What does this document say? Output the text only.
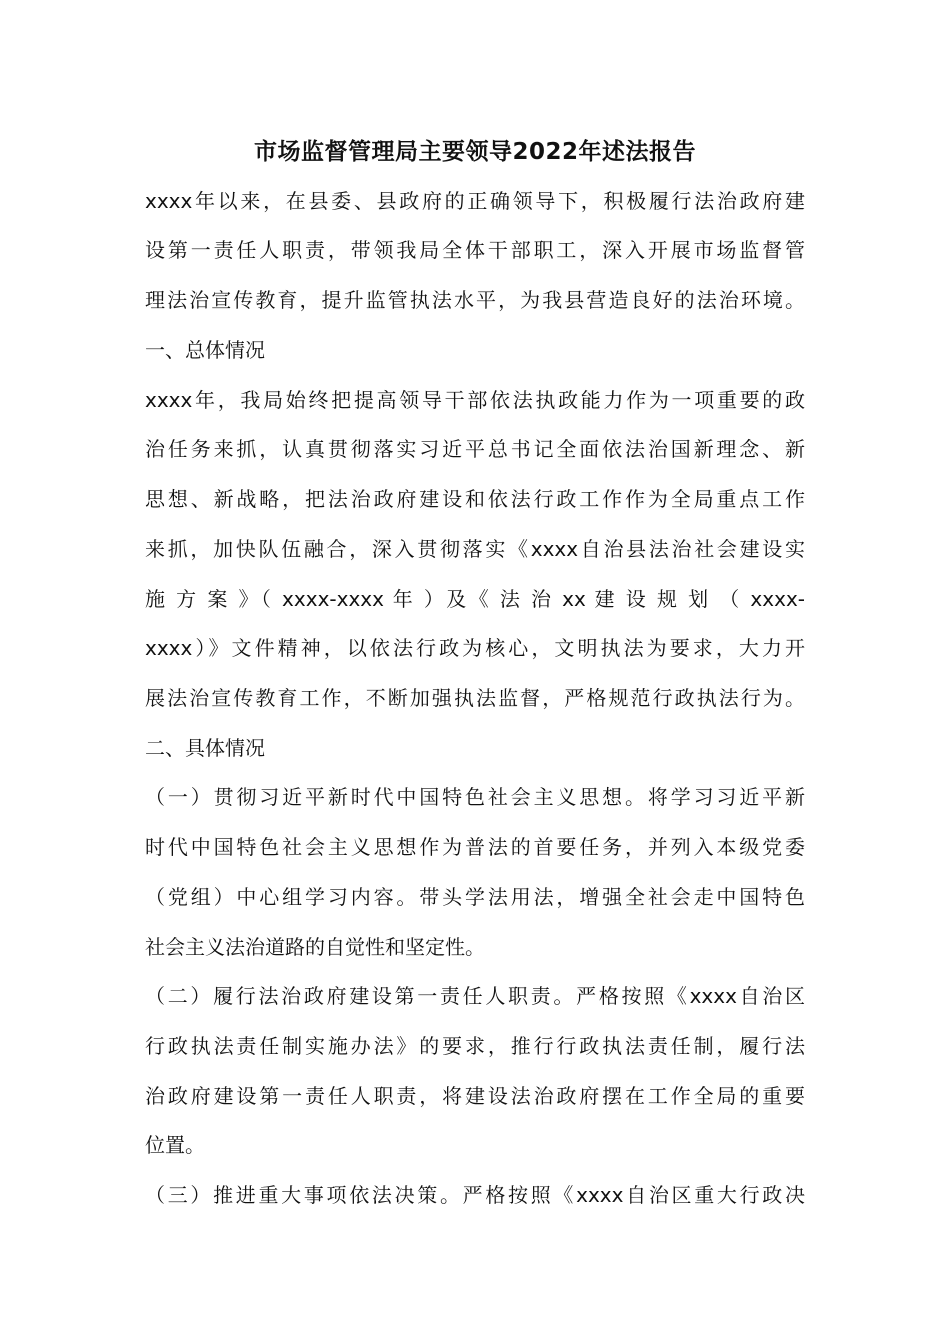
市场监督管理局主要领导2022年述法报告
xxxx年以来，在县委、县政府的正确领导下，积极履行法治政府建
设第一责任人职责，带领我局全体干部职工，深入开展市场监督管
理法治宣传教育，提升监管执法水平，为我县营造良好的法治环境。
一、总体情况
xxxx年，我局始终把提高领导干部依法执政能力作为一项重要的政
治任务来抓，认真贯彻落实习近平总书记全面依法治国新理念、新
思想、新战略，把法治政府建设和依法行政工作作为全局重点工作
来抓，加快队伍融合，深入贯彻落实《xxxx自治县法治社会建设实
施 方 案 》（ xxxx-xxxx 年 ）及《 法 治 xx 建 设 规 划 （ xxxx-
xxxx）》文件精神，以依法行政为核心，文明执法为要求，大力开
展法治宣传教育工作，不断加强执法监督，严格规范行政执法行为。
二、具体情况
（一）贯彻习近平新时代中国特色社会主义思想。将学习习近平新
时代中国特色社会主义思想作为普法的首要任务，并列入本级党委
（党组）中心组学习内容。带头学法用法，增强全社会走中国特色
社会主义法治道路的自觉性和坚定性。
（二）履行法治政府建设第一责任人职责。严格按照《xxxx自治区
行政执法责任制实施办法》的要求，推行行政执法责任制，履行法
治政府建设第一责任人职责，将建设法治政府摆在工作全局的重要
位置。
（三）推进重大事项依法决策。严格按照《xxxx自治区重大行政决
